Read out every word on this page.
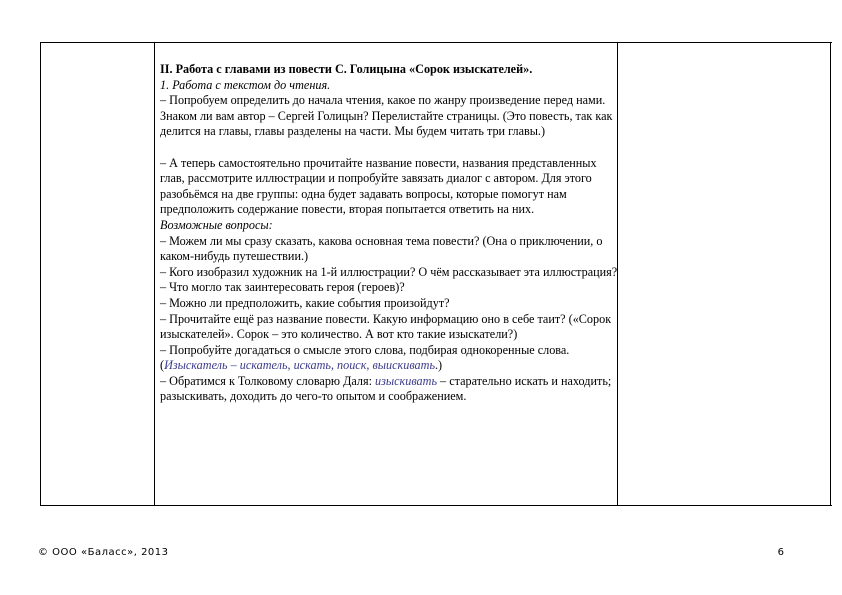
II. Работа с главами из повести С. Голицына «Сорок изыскателей».

1. Работа с текстом до чтения.

– Попробуем определить до начала чтения, какое по жанру произведение перед нами. Знаком ли вам автор – Сергей Голицын? Перелистайте страницы. (Это повесть, так как делится на главы, главы разделены на части. Мы будем читать три главы.)

– А теперь самостоятельно прочитайте название повести, названия представленных глав, рассмотрите иллюстрации и попробуйте завязать диалог с автором. Для этого разобьёмся на две группы: одна будет задавать вопросы, которые помогут нам предположить содержание повести, вторая попытается ответить на них.

Возможные вопросы:

– Можем ли мы сразу сказать, какова основная тема повести? (Она о приключении, о каком-нибудь путешествии.)

– Кого изобразил художник на 1-й иллюстрации? О чём рассказывает эта иллюстрация?

– Что могло так заинтересовать героя (героев)?

– Можно ли предположить, какие события произойдут?

– Прочитайте ещё раз название повести. Какую информацию оно в себе таит? («Сорок изыскателей». Сорок – это количество. А вот кто такие изыскатели?)

– Попробуйте догадаться о смысле этого слова, подбирая однокоренные слова. (Изыскатель – искатель, искать, поиск, выискивать.)

– Обратимся к Толковому словарю Даля: изыскивать – старательно искать и находить; разыскивать, доходить до чего-то опытом и соображением.

© ООО «Баласс», 2013	6
